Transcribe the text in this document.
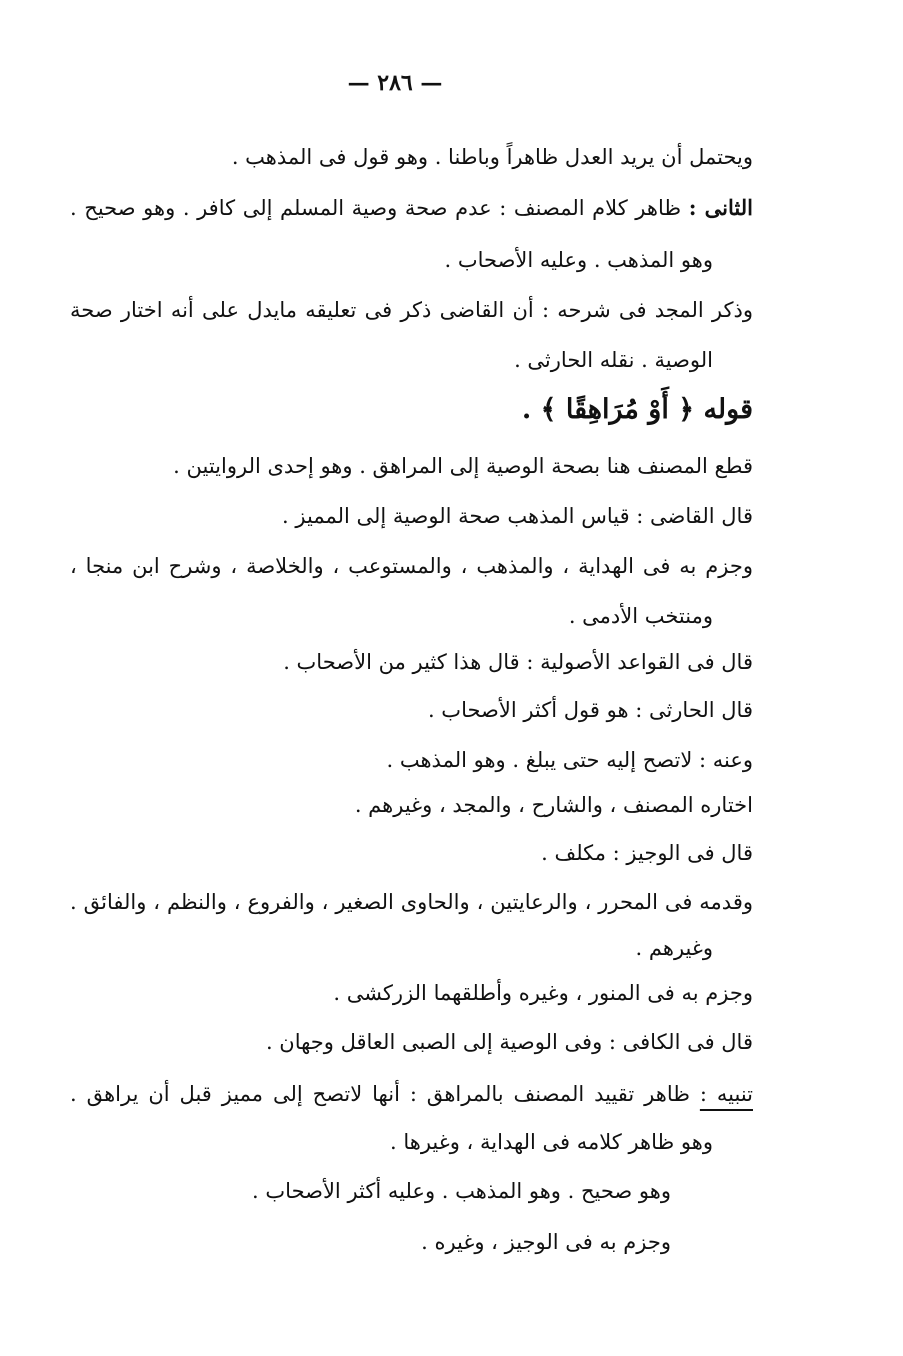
— ٢٨٦ —
ويحتمل أن يريد العدل ظاهراً وباطنا . وهو قول فى المذهب .
الثانى : ظاهر كلام المصنف : عدم صحة وصية المسلم إلى كافر . وهو صحيح .
وهو المذهب . وعليه الأصحاب .
وذكر المجد فى شرحه : أن القاضى ذكر فى تعليقه مايدل على أنه اختار صحة
الوصية . نقله الحارثى .
قوله ﴿ أَوْ مُرَاهِقًا ﴾ .
قطع المصنف هنا بصحة الوصية إلى المراهق . وهو إحدى الروايتين .
قال القاضى : قياس المذهب صحة الوصية إلى المميز .
وجزم به فى الهداية ، والمذهب ، والمستوعب ، والخلاصة ، وشرح ابن منجا ،
ومنتخب الأدمى .
قال فى القواعد الأصولية : قال هذا كثير من الأصحاب .
قال الحارثى : هو قول أكثر الأصحاب .
وعنه : لاتصح إليه حتى يبلغ . وهو المذهب .
اختاره المصنف ، والشارح ، والمجد ، وغيرهم .
قال فى الوجيز : مكلف .
وقدمه فى المحرر ، والرعايتين ، والحاوى الصغير ، والفروع ، والنظم ، والفائق .
وغيرهم .
وجزم به فى المنور ، وغيره وأطلقهما الزركشى .
قال فى الكافى : وفى الوصية إلى الصبى العاقل وجهان .
تنبيه : ظاهر تقييد المصنف بالمراهق : أنها لاتصح إلى مميز قبل أن يراهق .
وهو ظاهر كلامه فى الهداية ، وغيرها .
وهو صحيح . وهو المذهب . وعليه أكثر الأصحاب .
وجزم به فى الوجيز ، وغيره .
